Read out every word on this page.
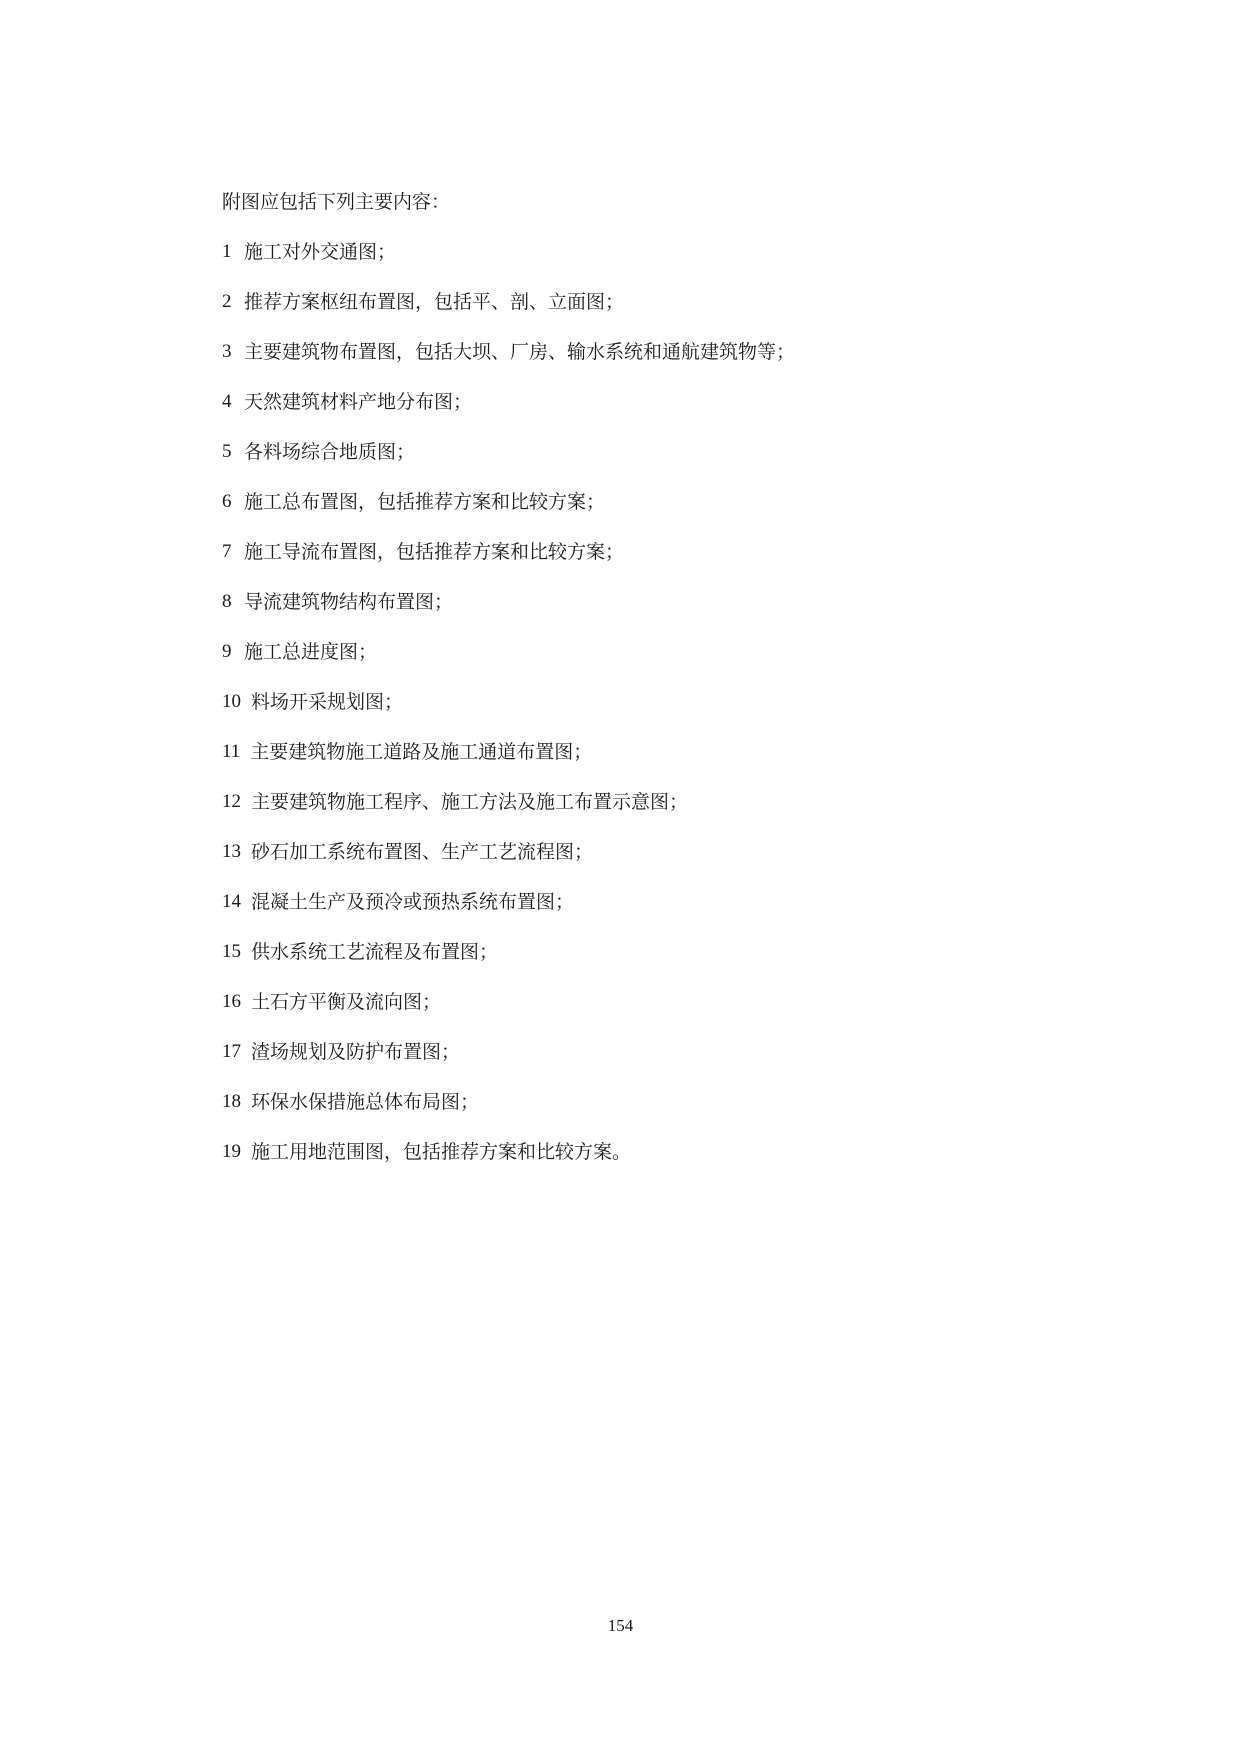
附图应包括下列主要内容：

1 施工对外交通图；
2 推荐方案枢纽布置图，包括平、剖、立面图；
3 主要建筑物布置图，包括大坝、厂房、输水系统和通航建筑物等；
4 天然建筑材料产地分布图；
5 各料场综合地质图；
6 施工总布置图，包括推荐方案和比较方案；
7 施工导流布置图，包括推荐方案和比较方案；
8 导流建筑物结构布置图；
9 施工总进度图；
10 料场开采规划图；
11 主要建筑物施工道路及施工通道布置图；
12 主要建筑物施工程序、施工方法及施工布置示意图；
13 砂石加工系统布置图、生产工艺流程图；
14 混凝土生产及预冷或预热系统布置图；
15 供水系统工艺流程及布置图；
16 土石方平衡及流向图；
17 渣场规划及防护布置图；
18 环保水保措施总体布局图；
19 施工用地范围图，包括推荐方案和比较方案。
154
